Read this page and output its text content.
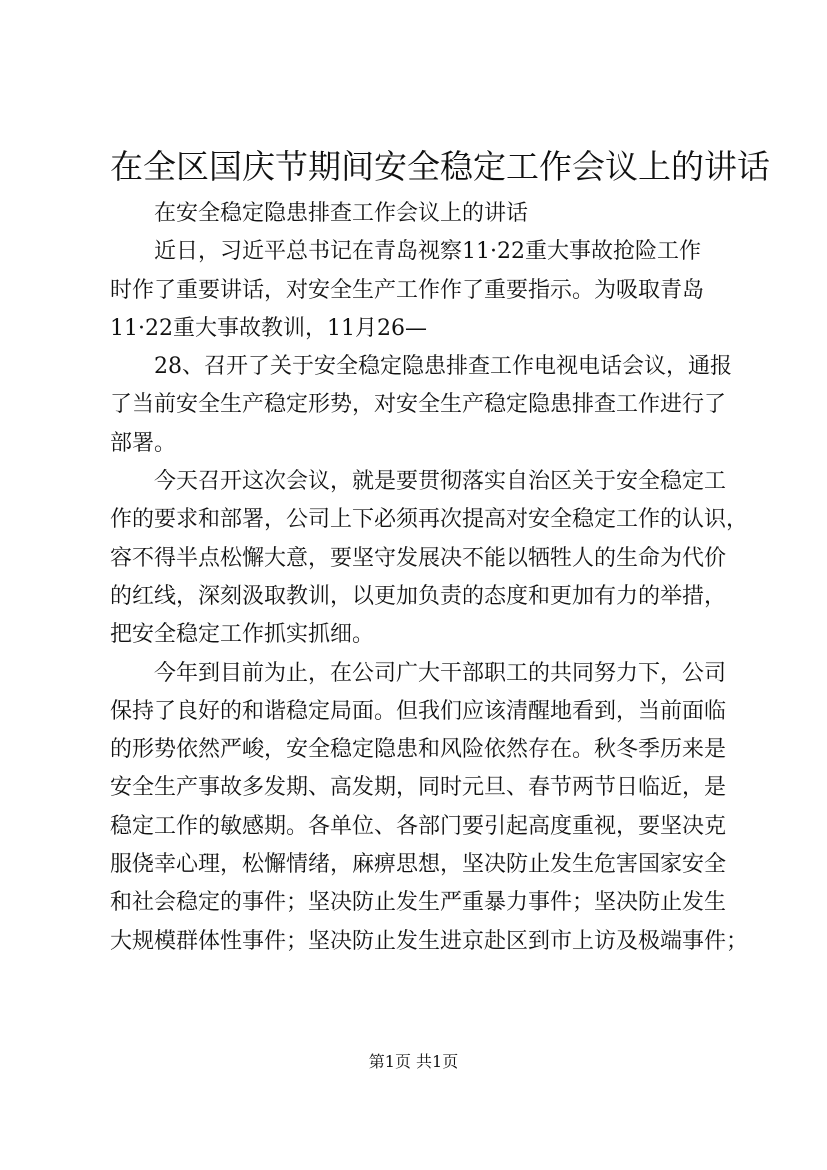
在全区国庆节期间安全稳定工作会议上的讲话
在安全稳定隐患排查工作会议上的讲话
近日，习近平总书记在青岛视察11·22重大事故抢险工作
时作了重要讲话，对安全生产工作作了重要指示。为吸取青岛
11·22重大事故教训，11月26—
28、召开了关于安全稳定隐患排查工作电视电话会议，通报
了当前安全生产稳定形势，对安全生产稳定隐患排查工作进行了
部署。
今天召开这次会议，就是要贯彻落实自治区关于安全稳定工
作的要求和部署，公司上下必须再次提高对安全稳定工作的认识，
容不得半点松懈大意，要坚守发展决不能以牺牲人的生命为代价
的红线，深刻汲取教训，以更加负责的态度和更加有力的举措，
把安全稳定工作抓实抓细。
今年到目前为止，在公司广大干部职工的共同努力下，公司
保持了良好的和谐稳定局面。但我们应该清醒地看到，当前面临
的形势依然严峻，安全稳定隐患和风险依然存在。秋冬季历来是
安全生产事故多发期、高发期，同时元旦、春节两节日临近，是
稳定工作的敏感期。各单位、各部门要引起高度重视，要坚决克
服侥幸心理，松懈情绪，麻痹思想，坚决防止发生危害国家安全
和社会稳定的事件；坚决防止发生严重暴力事件；坚决防止发生
大规模群体性事件；坚决防止发生进京赴区到市上访及极端事件；
第1页 共1页
